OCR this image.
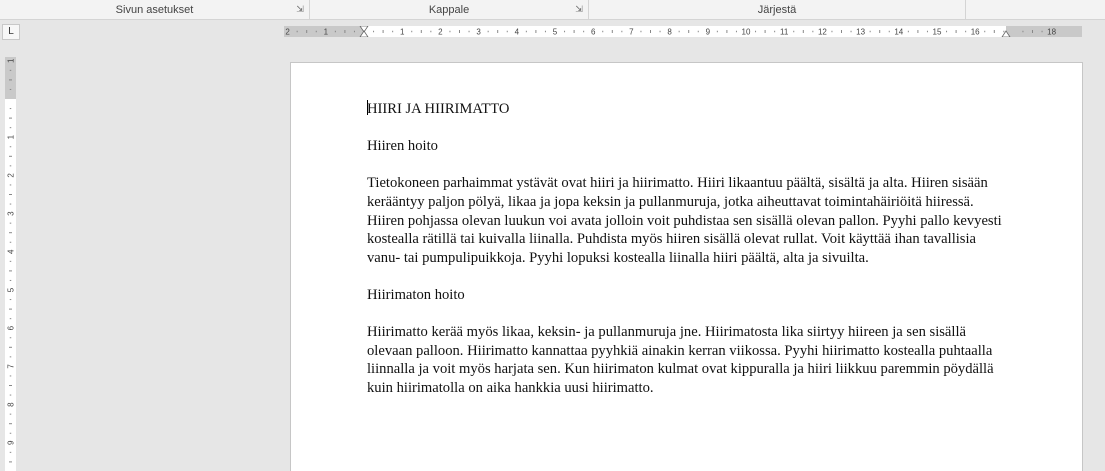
Sivun asetukset	⇲	Kappale	⇲	Järjestä
L	2	1	1	2	3	4	5	6	7	8	9	10	11	12	13	14	15	16	18
1
1
2
3
4
5
6
7
8
9

HIIRI JA HIIRIMATTO

Hiiren hoito

Tietokoneen parhaimmat ystävät ovat hiiri ja hiirimatto. Hiiri likaantuu päältä, sisältä ja alta. Hiiren sisään kerääntyy paljon pölyä, likaa ja jopa keksin ja pullanmuruja, jotka aiheuttavat toimintahäiriöitä hiiressä. Hiiren pohjassa olevan luukun voi avata jolloin voit puhdistaa sen sisällä olevan pallon. Pyyhi pallo kevyesti kostealla rätillä tai kuivalla liinalla. Puhdista myös hiiren sisällä olevat rullat. Voit käyttää ihan tavallisia vanu- tai pumpulipuikkoja. Pyyhi lopuksi kostealla liinalla hiiri päältä, alta ja sivuilta.

Hiirimaton hoito

Hiirimatto kerää myös likaa, keksin- ja pullanmuruja jne. Hiirimatosta lika siirtyy hiireen ja sen sisällä olevaan palloon. Hiirimatto kannattaa pyyhkiä ainakin kerran viikossa. Pyyhi hiirimatto kostealla puhtaalla liinnalla ja voit myös harjata sen. Kun hiirimaton kulmat ovat kippuralla ja hiiri liikkuu paremmin pöydällä kuin hiirimatolla on aika hankkia uusi hiirimatto.
